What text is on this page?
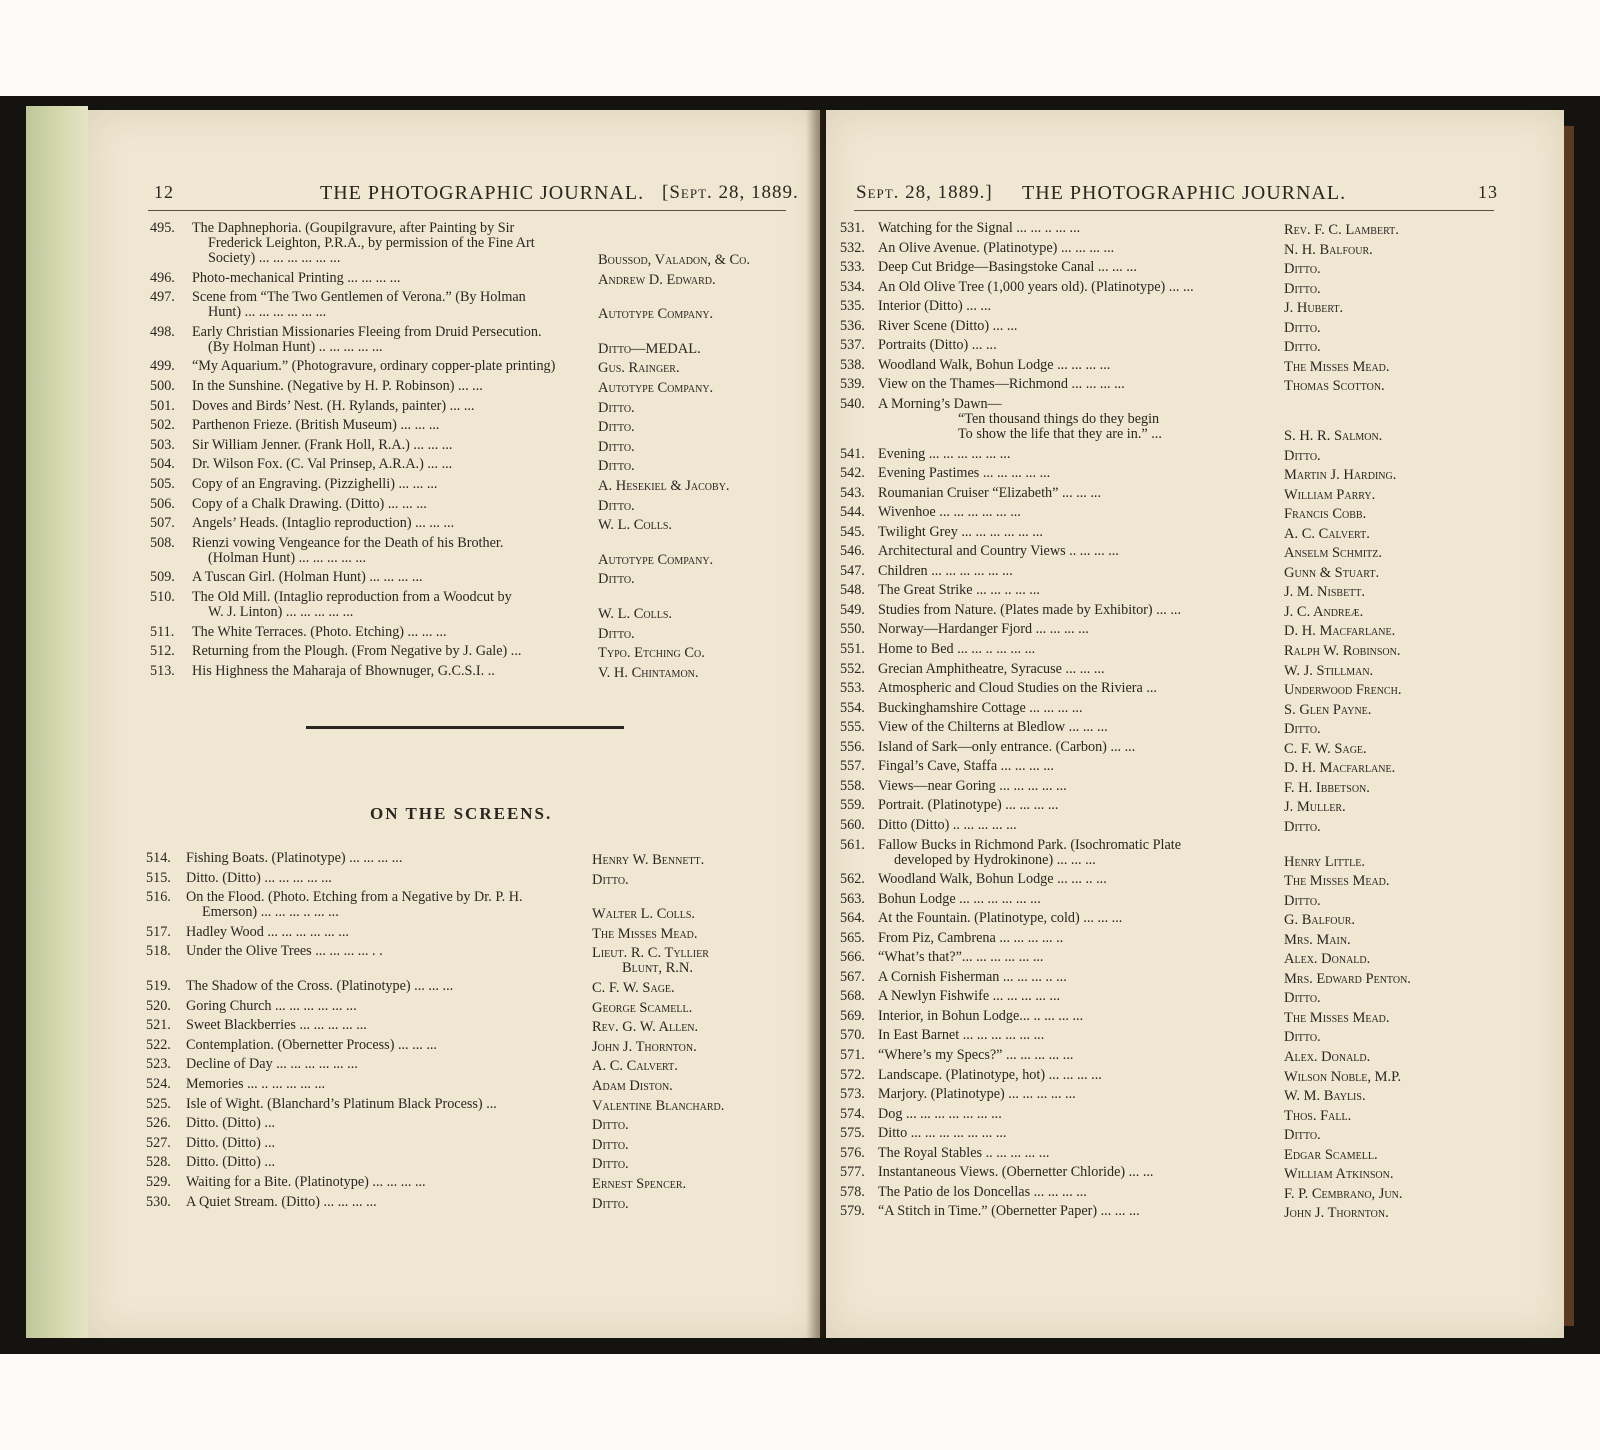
12	THE PHOTOGRAPHIC JOURNAL. [Sept. 28, 1889.
495. The Daphnephoria. (Goupilgravure, after Painting by Sir
Frederick Leighton, P.R.A., by permission of the Fine Art
Society) ... ... ... ... ... ...	Boussod, Valadon, & Co.
496. Photo-mechanical Printing ... ... ... ...	Andrew D. Edward.
497. Scene from “The Two Gentlemen of Verona.” (By Holman
Hunt) ... ... ... ... ... ...	Autotype Company.
498. Early Christian Missionaries Fleeing from Druid Persecution.
(By Holman Hunt) .. ... ... ... ...	Ditto—MEDAL.
499. “My Aquarium.” (Photogravure, ordinary copper-plate printing)	Gus. Rainger.
500. In the Sunshine. (Negative by H. P. Robinson) ... ...	Autotype Company.
501. Doves and Birds’ Nest. (H. Rylands, painter) ... ...	Ditto.
502. Parthenon Frieze. (British Museum) ... ... ...	Ditto.
503. Sir William Jenner. (Frank Holl, R.A.) ... ... ...	Ditto.
504. Dr. Wilson Fox. (C. Val Prinsep, A.R.A.) ... ...	Ditto.
505. Copy of an Engraving. (Pizzighelli) ... ... ...	A. Hesekiel & Jacoby.
506. Copy of a Chalk Drawing. (Ditto) ... ... ...	Ditto.
507. Angels’ Heads. (Intaglio reproduction) ... ... ...	W. L. Colls.
508. Rienzi vowing Vengeance for the Death of his Brother.
(Holman Hunt) ... ... ... ... ...	Autotype Company.
509. A Tuscan Girl. (Holman Hunt) ... ... ... ...	Ditto.
510. The Old Mill. (Intaglio reproduction from a Woodcut by
W. J. Linton) ... ... ... ... ...	W. L. Colls.
511. The White Terraces. (Photo. Etching) ... ... ...	Ditto.
512. Returning from the Plough. (From Negative by J. Gale) ...	Typo. Etching Co.
513. His Highness the Maharaja of Bhownuger, G.C.S.I. ..	V. H. Chintamon.
ON THE SCREENS.
514. Fishing Boats. (Platinotype) ... ... ... ...	Henry W. Bennett.
515. Ditto. (Ditto) ... ... ... ... ...	Ditto.
516. On the Flood. (Photo. Etching from a Negative by Dr. P. H.
Emerson) ... ... ... .. ... ...	Walter L. Colls.
517. Hadley Wood ... ... ... ... ... ...	The Misses Mead.
518. Under the Olive Trees ... ... ... ... . .	Lieut. R. C. Tyllier
Blunt, R.N.
519. The Shadow of the Cross. (Platinotype) ... ... ...	C. F. W. Sage.
520. Goring Church ... ... ... ... ... ...	George Scamell.
521. Sweet Blackberries ... ... ... ... ...	Rev. G. W. Allen.
522. Contemplation. (Obernetter Process) ... ... ...	John J. Thornton.
523. Decline of Day ... ... ... ... ... ...	A. C. Calvert.
524. Memories ... .. ... ... ... ...	Adam Diston.
525. Isle of Wight. (Blanchard’s Platinum Black Process) ...	Valentine Blanchard.
526. Ditto. (Ditto) ...	Ditto.
527. Ditto. (Ditto) ...	Ditto.
528. Ditto. (Ditto) ...	Ditto.
529. Waiting for a Bite. (Platinotype) ... ... ... ...	Ernest Spencer.
530. A Quiet Stream. (Ditto) ... ... ... ...	Ditto.
Sept. 28, 1889.] THE PHOTOGRAPHIC JOURNAL.	13
531. Watching for the Signal ... ... .. ... ...	Rev. F. C. Lambert.
532. An Olive Avenue. (Platinotype) ... ... ... ...	N. H. Balfour.
533. Deep Cut Bridge—Basingstoke Canal ... ... ...	Ditto.
534. An Old Olive Tree (1,000 years old). (Platinotype) ... ...	Ditto.
535. Interior (Ditto) ... ...	J. Hubert.
536. River Scene (Ditto) ... ...	Ditto.
537. Portraits (Ditto) ... ...	Ditto.
538. Woodland Walk, Bohun Lodge ... ... ... ...	The Misses Mead.
539. View on the Thames—Richmond ... ... ... ...	Thomas Scotton.
540. A Morning’s Dawn—
“Ten thousand things do they begin
To show the life that they are in.” ...	S. H. R. Salmon.
541. Evening ... ... ... ... ... ...	Ditto.
542. Evening Pastimes ... ... ... ... ...	Martin J. Harding.
543. Roumanian Cruiser “Elizabeth” ... ... ...	William Parry.
544. Wivenhoe ... ... ... ... ... ...	Francis Cobb.
545. Twilight Grey ... ... ... ... ... ...	A. C. Calvert.
546. Architectural and Country Views .. ... ... ...	Anselm Schmitz.
547. Children ... ... ... ... ... ...	Gunn & Stuart.
548. The Great Strike ... ... .. ... ...	J. M. Nisbett.
549. Studies from Nature. (Plates made by Exhibitor) ... ...	J. C. Andreæ.
550. Norway—Hardanger Fjord ... ... ... ...	D. H. Macfarlane.
551. Home to Bed ... ... .. ... ... ...	Ralph W. Robinson.
552. Grecian Amphitheatre, Syracuse ... ... ...	W. J. Stillman.
553. Atmospheric and Cloud Studies on the Riviera ...	Underwood French.
554. Buckinghamshire Cottage ... ... ... ...	S. Glen Payne.
555. View of the Chilterns at Bledlow ... ... ...	Ditto.
556. Island of Sark—only entrance. (Carbon) ... ...	C. F. W. Sage.
557. Fingal’s Cave, Staffa ... ... ... ...	D. H. Macfarlane.
558. Views—near Goring ... ... ... ... ...	F. H. Ibbetson.
559. Portrait. (Platinotype) ... ... ... ...	J. Muller.
560. Ditto (Ditto) .. ... ... ... ...	Ditto.
561. Fallow Bucks in Richmond Park. (Isochromatic Plate
developed by Hydrokinone) ... ... ...	Henry Little.
562. Woodland Walk, Bohun Lodge ... ... .. ...	The Misses Mead.
563. Bohun Lodge ... ... ... ... ... ...	Ditto.
564. At the Fountain. (Platinotype, cold) ... ... ...	G. Balfour.
565. From Piz, Cambrena ... ... ... ... ..	Mrs. Main.
566. “What’s that?”... ... ... ... ... ...	Alex. Donald.
567. A Cornish Fisherman ... ... ... .. ...	Mrs. Edward Penton.
568. A Newlyn Fishwife ... ... ... ... ...	Ditto.
569. Interior, in Bohun Lodge... .. ... ... ...	The Misses Mead.
570. In East Barnet ... ... ... ... ... ...	Ditto.
571. “Where’s my Specs?” ... ... ... ... ...	Alex. Donald.
572. Landscape. (Platinotype, hot) ... ... ... ...	Wilson Noble, M.P.
573. Marjory. (Platinotype) ... ... ... ... ...	W. M. Baylis.
574. Dog ... ... ... ... ... ... ...	Thos. Fall.
575. Ditto ... ... ... ... ... ... ...	Ditto.
576. The Royal Stables .. ... ... ... ...	Edgar Scamell.
577. Instantaneous Views. (Obernetter Chloride) ... ...	William Atkinson.
578. The Patio de los Doncellas ... ... ... ...	F. P. Cembrano, Jun.
579. “A Stitch in Time.” (Obernetter Paper) ... ... ...	John J. Thornton.
